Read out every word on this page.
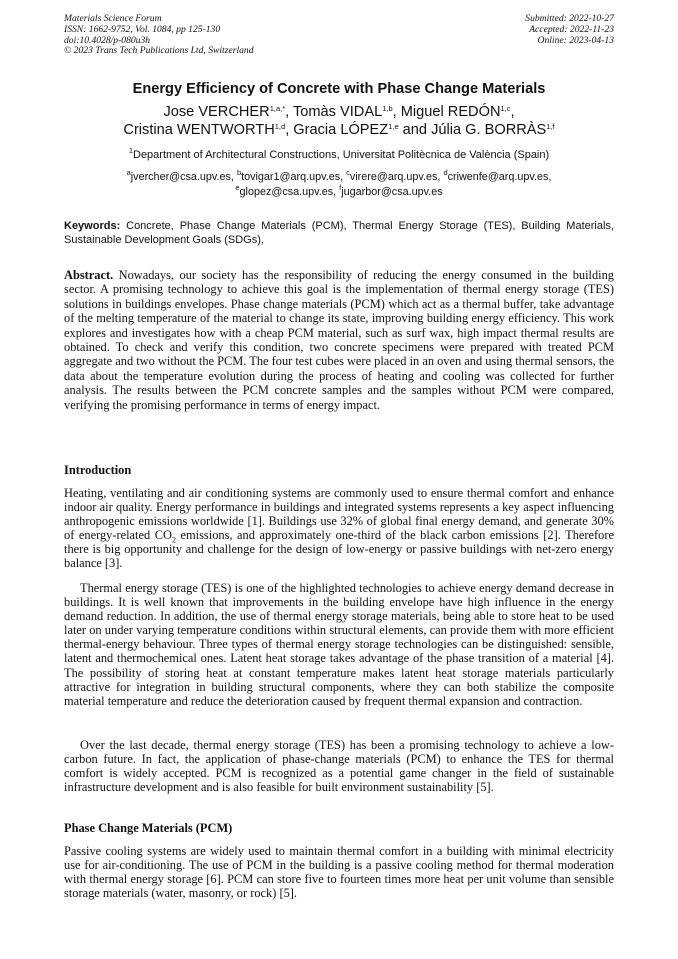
Materials Science Forum
ISSN: 1662-9752, Vol. 1084, pp 125-130
doi:10.4028/p-080u3h
© 2023 Trans Tech Publications Ltd, Switzerland
Submitted: 2022-10-27
Accepted: 2022-11-23
Online: 2023-04-13
Energy Efficiency of Concrete with Phase Change Materials
Jose $VERCHER^{1,a,*}$, Tomàs VIDAL$^{1,b}$, Miguel REDÓN$^{1,c}$,
Cristina WENTWORTH$^{1,d}$, Gracia LÓPEZ$^{1,e}$ and Júlia G. BORRÀS$^{1,f}$
$^1$Department of Architectural Constructions, Universitat Politècnica de València (Spain)
$^a$jvercher@csa.upv.es, $^b$tovigar1@arq.upv.es, $^c$virere@arq.upv.es, $^d$criwenfe@arq.upv.es,
$^e$glopez@csa.upv.es, $^f$jugarbor@csa.upv.es
Keywords: Concrete, Phase Change Materials (PCM), Thermal Energy Storage (TES), Building Materials, Sustainable Development Goals (SDGs),
Abstract. Nowadays, our society has the responsibility of reducing the energy consumed in the building sector. A promising technology to achieve this goal is the implementation of thermal energy storage (TES) solutions in buildings envelopes. Phase change materials (PCM) which act as a thermal buffer, take advantage of the melting temperature of the material to change its state, improving building energy efficiency. This work explores and investigates how with a cheap PCM material, such as surf wax, high impact thermal results are obtained. To check and verify this condition, two concrete specimens were prepared with treated PCM aggregate and two without the PCM. The four test cubes were placed in an oven and using thermal sensors, the data about the temperature evolution during the process of heating and cooling was collected for further analysis. The results between the PCM concrete samples and the samples without PCM were compared, verifying the promising performance in terms of energy impact.
Introduction
Heating, ventilating and air conditioning systems are commonly used to ensure thermal comfort and enhance indoor air quality. Energy performance in buildings and integrated systems represents a key aspect influencing anthropogenic emissions worldwide [1]. Buildings use 32% of global final energy demand, and generate 30% of energy-related $CO_2$ emissions, and approximately one-third of the black carbon emissions [2]. Therefore there is big opportunity and challenge for the design of low-energy or passive buildings with net-zero energy balance [3].
Thermal energy storage (TES) is one of the highlighted technologies to achieve energy demand decrease in buildings. It is well known that improvements in the building envelope have high influence in the energy demand reduction. In addition, the use of thermal energy storage materials, being able to store heat to be used later on under varying temperature conditions within structural elements, can provide them with more efficient thermal-energy behaviour. Three types of thermal energy storage technologies can be distinguished: sensible, latent and thermochemical ones. Latent heat storage takes advantage of the phase transition of a material [4]. The possibility of storing heat at constant temperature makes latent heat storage materials particularly attractive for integration in building structural components, where they can both stabilize the composite material temperature and reduce the deterioration caused by frequent thermal expansion and contraction.
Over the last decade, thermal energy storage (TES) has been a promising technology to achieve a low-carbon future. In fact, the application of phase-change materials (PCM) to enhance the TES for thermal comfort is widely accepted. PCM is recognized as a potential game changer in the field of sustainable infrastructure development and is also feasible for built environment sustainability [5].
Phase Change Materials (PCM)
Passive cooling systems are widely used to maintain thermal comfort in a building with minimal electricity use for air-conditioning. The use of PCM in the building is a passive cooling method for thermal moderation with thermal energy storage [6]. PCM can store five to fourteen times more heat per unit volume than sensible storage materials (water, masonry, or rock) [5].
